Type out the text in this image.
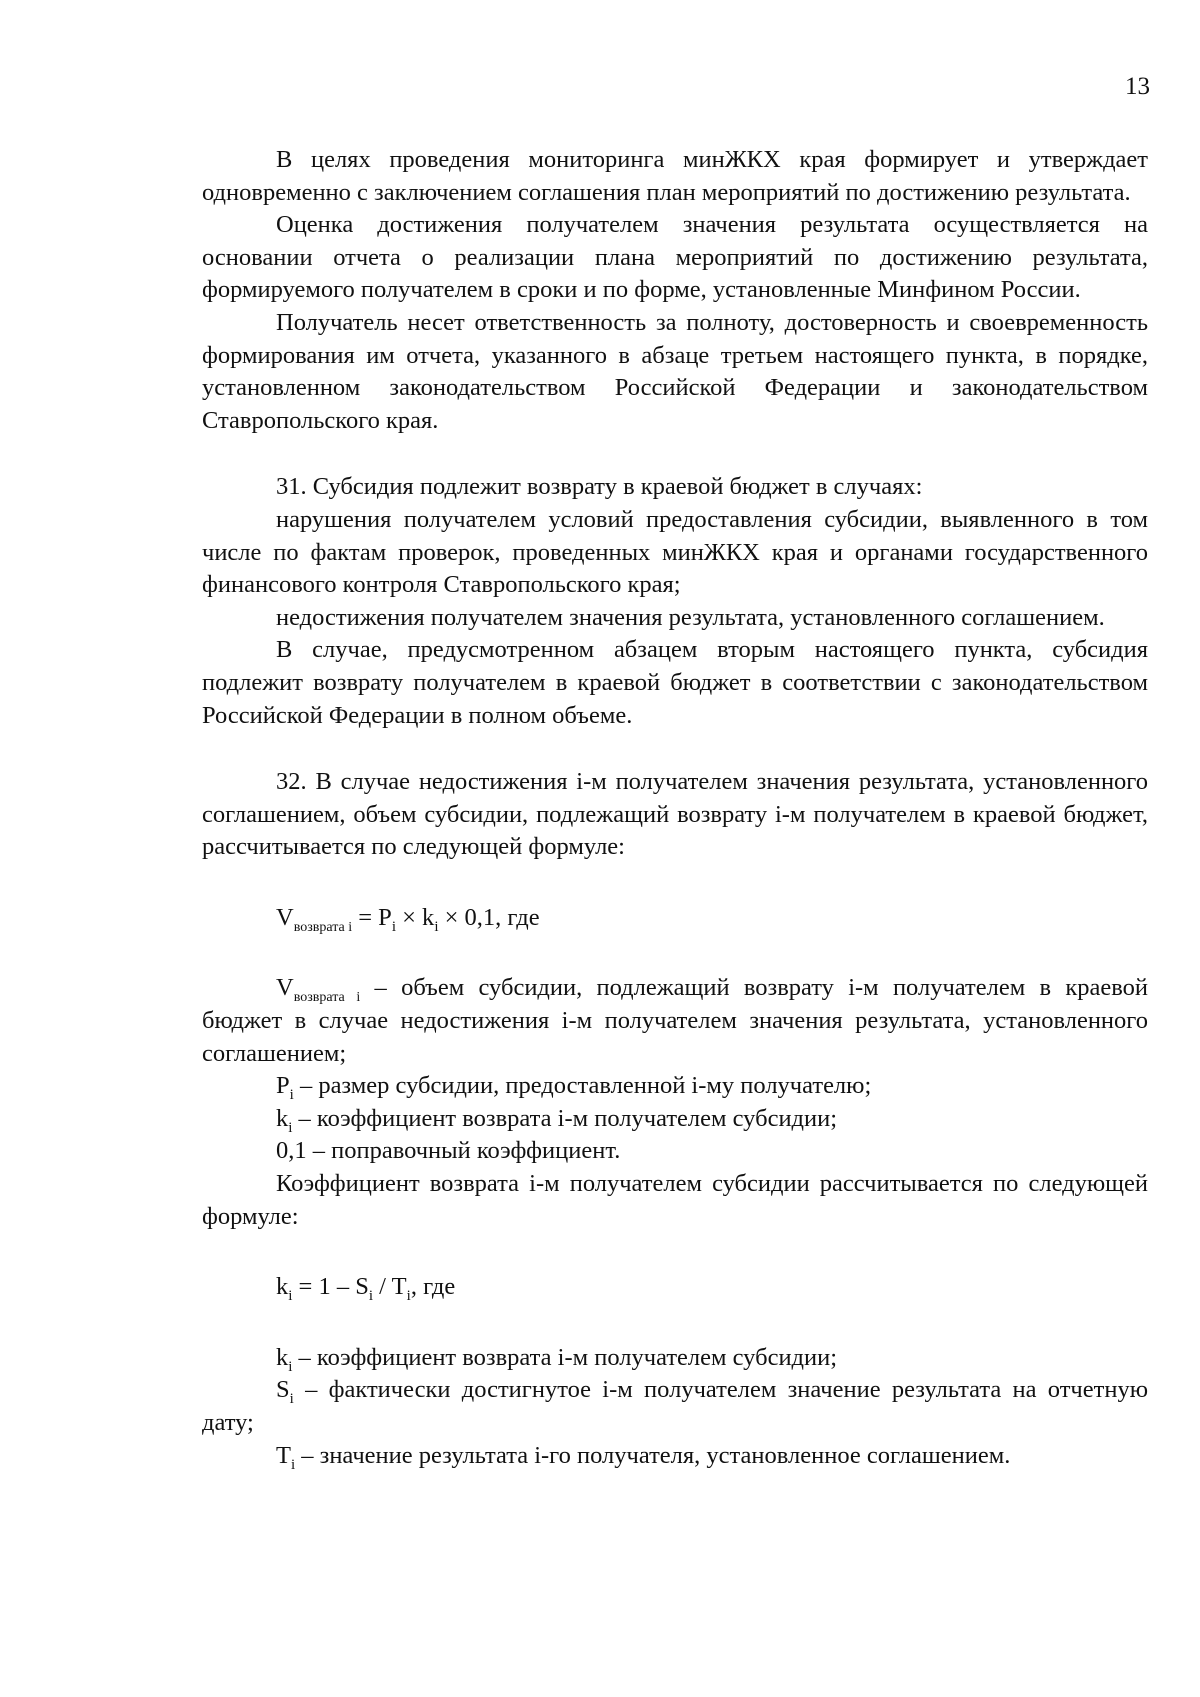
13

В целях проведения мониторинга минЖКХ края формирует и утверждает одновременно с заключением соглашения план мероприятий по достижению результата.

Оценка достижения получателем значения результата осуществляется на основании отчета о реализации плана мероприятий по достижению результата, формируемого получателем в сроки и по форме, установленные Минфином России.

Получатель несет ответственность за полноту, достоверность и своевременность формирования им отчета, указанного в абзаце третьем настоящего пункта, в порядке, установленном законодательством Российской Федерации и законодательством Ставропольского края.

31. Субсидия подлежит возврату в краевой бюджет в случаях:

нарушения получателем условий предоставления субсидии, выявленного в том числе по фактам проверок, проведенных минЖКХ края и органами государственного финансового контроля Ставропольского края;

недостижения получателем значения результата, установленного соглашением.

В случае, предусмотренном абзацем вторым настоящего пункта, субсидия подлежит возврату получателем в краевой бюджет в соответствии с законодательством Российской Федерации в полном объеме.

32. В случае недостижения i-м получателем значения результата, установленного соглашением, объем субсидии, подлежащий возврату i-м получателем в краевой бюджет, рассчитывается по следующей формуле:

$V_{возврата i} = P_i \times k_i \times 0,1$, где

$V_{возврата i}$ – объем субсидии, подлежащий возврату i-м получателем в краевой бюджет в случае недостижения i-м получателем значения результата, установленного соглашением;

$P_i$ – размер субсидии, предоставленной i-му получателю;

$k_i$ – коэффициент возврата i-м получателем субсидии;

0,1 – поправочный коэффициент.

Коэффициент возврата i-м получателем субсидии рассчитывается по следующей формуле:

$k_i = 1 - S_i / T_i$, где

$k_i$ – коэффициент возврата i-м получателем субсидии;

$S_i$ – фактически достигнутое i-м получателем значение результата на отчетную дату;

$T_i$ – значение результата i-го получателя, установленное соглашением.
